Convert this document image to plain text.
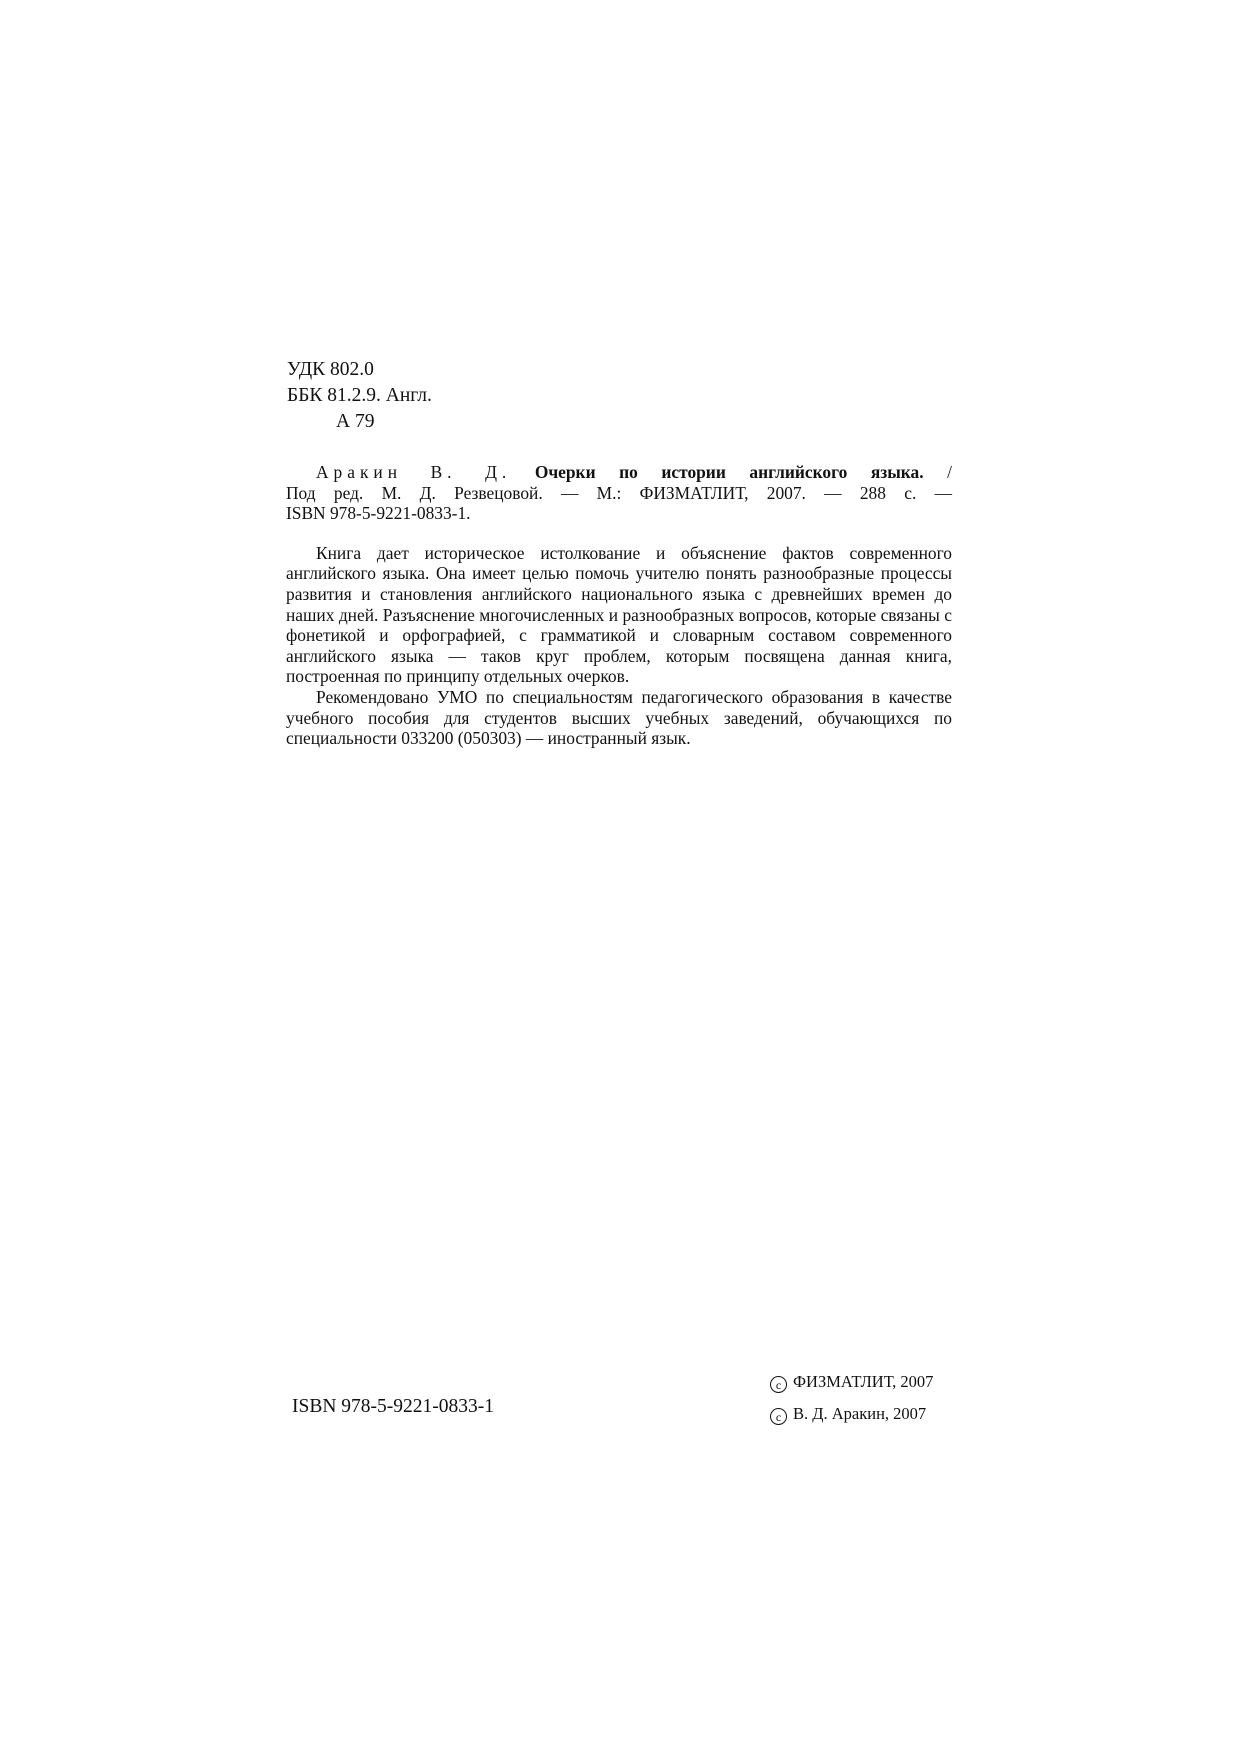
УДК 802.0
ББК 81.2.9. Англ.
А 79

Аракин В. Д. Очерки по истории английского языка. /

Под ред. М. Д. Резвецовой. — М.: ФИЗМАТЛИТ, 2007. — 288 с. —

ISBN 978-5-9221-0833-1.

Книга дает историческое истолкование и объяснение фактов современного английского языка. Она имеет целью помочь учителю понять разнообразные процессы развития и становления английского национального языка с древнейших времен до наших дней. Разъяснение многочисленных и разнообразных вопросов, которые связаны с фонетикой и орфографией, с грамматикой и словарным составом современного английского языка — таков круг проблем, которым посвящена данная книга, построенная по принципу отдельных очерков.

Рекомендовано УМО по специальностям педагогического образования в качестве учебного пособия для студентов высших учебных заведений, обучающихся по специальности 033200 (050303) — иностранный язык.

ISBN 978-5-9221-0833-1
c ФИЗМАТЛИТ, 2007
c В. Д. Аракин, 2007
